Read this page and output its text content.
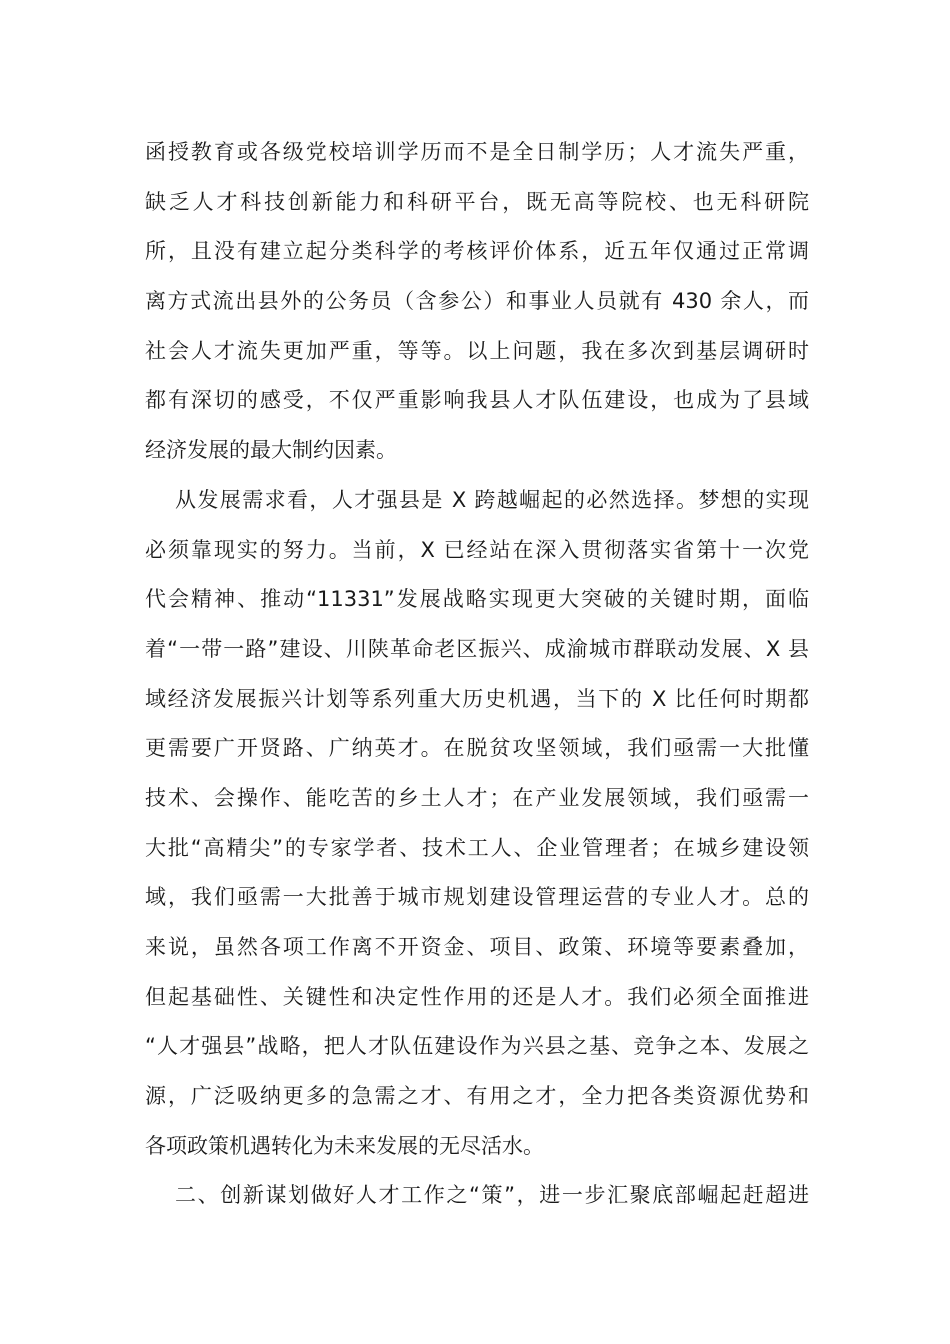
函授教育或各级党校培训学历而不是全日制学历；人才流失严重，
缺乏人才科技创新能力和科研平台，既无高等院校、也无科研院
所，且没有建立起分类科学的考核评价体系，近五年仅通过正常调
离方式流出县外的公务员（含参公）和事业人员就有 430 余人，而
社会人才流失更加严重，等等。以上问题，我在多次到基层调研时
都有深切的感受，不仅严重影响我县人才队伍建设，也成为了县域
经济发展的最大制约因素。
从发展需求看，人才强县是 X 跨越崛起的必然选择。梦想的实现
必须靠现实的努力。当前，X 已经站在深入贯彻落实省第十一次党
代会精神、推动“11331”发展战略实现更大突破的关键时期，面临
着“一带一路”建设、川陕革命老区振兴、成渝城市群联动发展、X 县
域经济发展振兴计划等系列重大历史机遇，当下的 X 比任何时期都
更需要广开贤路、广纳英才。在脱贫攻坚领域，我们亟需一大批懂
技术、会操作、能吃苦的乡土人才；在产业发展领域，我们亟需一
大批“高精尖”的专家学者、技术工人、企业管理者；在城乡建设领
域，我们亟需一大批善于城市规划建设管理运营的专业人才。总的
来说，虽然各项工作离不开资金、项目、政策、环境等要素叠加，
但起基础性、关键性和决定性作用的还是人才。我们必须全面推进
“人才强县”战略，把人才队伍建设作为兴县之基、竞争之本、发展之
源，广泛吸纳更多的急需之才、有用之才，全力把各类资源优势和
各项政策机遇转化为未来发展的无尽活水。
二、创新谋划做好人才工作之“策”，进一步汇聚底部崛起赶超进
